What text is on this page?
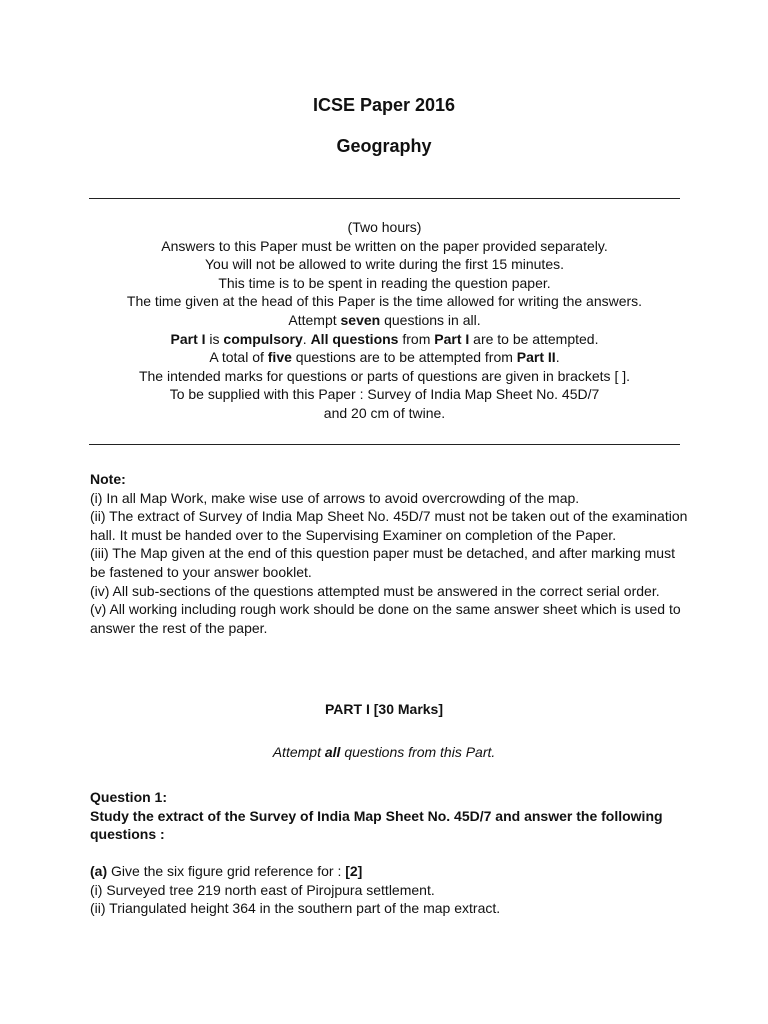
ICSE Paper 2016
Geography
(Two hours)
Answers to this Paper must be written on the paper provided separately.
You will not be allowed to write during the first 15 minutes.
This time is to be spent in reading the question paper.
The time given at the head of this Paper is the time allowed for writing the answers.
Attempt seven questions in all.
Part I is compulsory. All questions from Part I are to be attempted.
A total of five questions are to be attempted from Part II.
The intended marks for questions or parts of questions are given in brackets [ ].
To be supplied with this Paper : Survey of India Map Sheet No. 45D/7
and 20 cm of twine.
Note:
(i) In all Map Work, make wise use of arrows to avoid overcrowding of the map.
(ii) The extract of Survey of India Map Sheet No. 45D/7 must not be taken out of the examination hall. It must be handed over to the Supervising Examiner on completion of the Paper.
(iii) The Map given at the end of this question paper must be detached, and after marking must be fastened to your answer booklet.
(iv) All sub-sections of the questions attempted must be answered in the correct serial order.
(v) All working including rough work should be done on the same answer sheet which is used to answer the rest of the paper.
PART I [30 Marks]
Attempt all questions from this Part.
Question 1:
Study the extract of the Survey of India Map Sheet No. 45D/7 and answer the following questions :
(a) Give the six figure grid reference for : [2]
(i) Surveyed tree 219 north east of Pirojpura settlement.
(ii) Triangulated height 364 in the southern part of the map extract.
